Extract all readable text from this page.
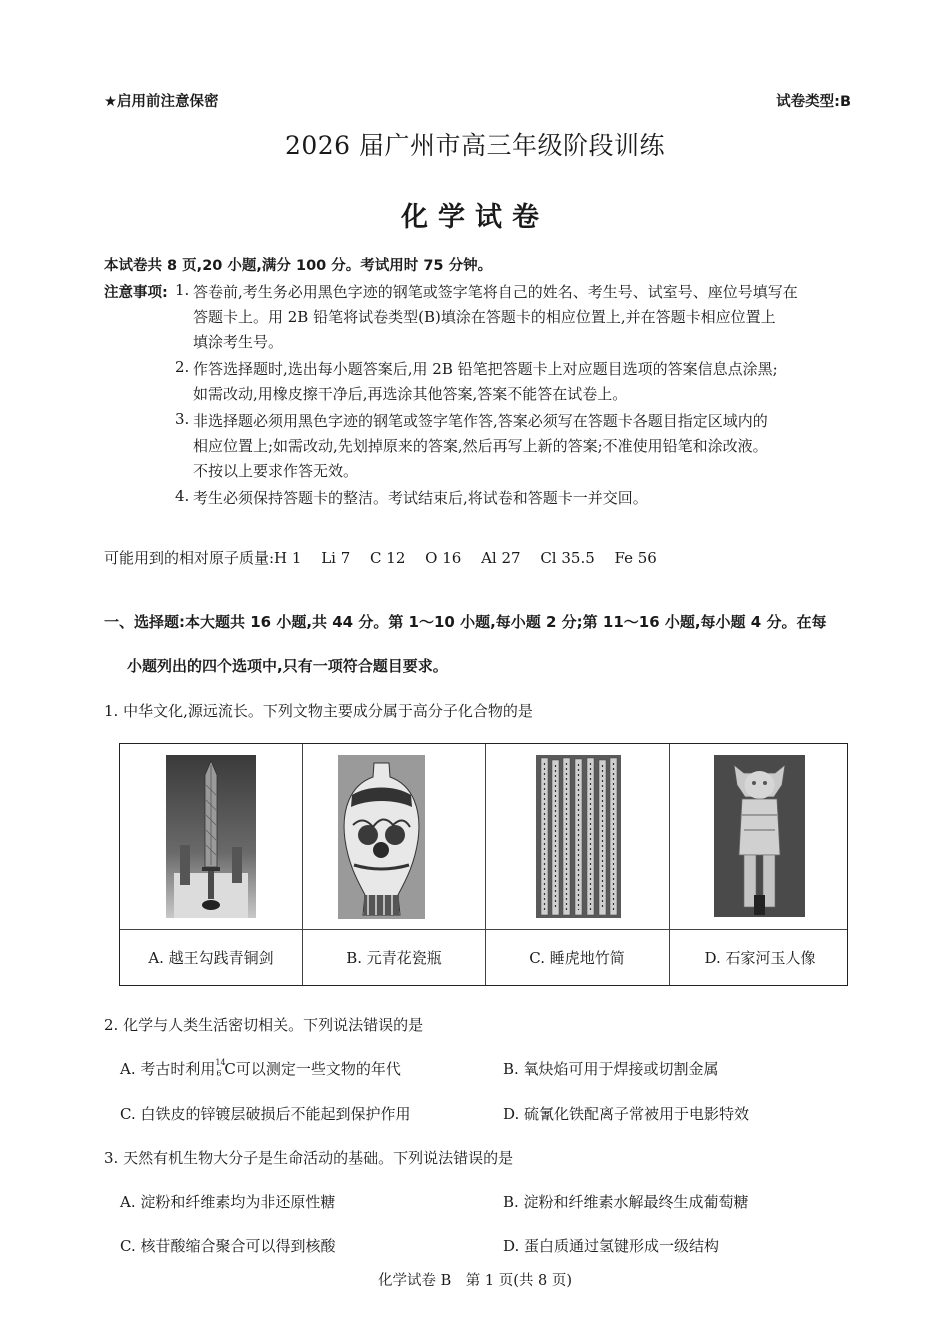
★启用前注意保密	试卷类型:B
2026 届广州市高三年级阶段训练
化学试卷
本试卷共 8 页,20 小题,满分 100 分。考试用时 75 分钟。
注意事项: 1. 答卷前,考生务必用黑色字迹的钢笔或签字笔将自己的姓名、考生号、试室号、座位号填写在
答题卡上。用 2B 铅笔将试卷类型(B)填涂在答题卡的相应位置上,并在答题卡相应位置上
填涂考生号。
2. 作答选择题时,选出每小题答案后,用 2B 铅笔把答题卡上对应题目选项的答案信息点涂黑;
如需改动,用橡皮擦干净后,再选涂其他答案,答案不能答在试卷上。
3. 非选择题必须用黑色字迹的钢笔或签字笔作答,答案必须写在答题卡各题目指定区域内的
相应位置上;如需改动,先划掉原来的答案,然后再写上新的答案;不准使用铅笔和涂改液。
不按以上要求作答无效。
4. 考生必须保持答题卡的整洁。考试结束后,将试卷和答题卡一并交回。
可能用到的相对原子质量:H 1　 Li 7　 C 12　 O 16　 Al 27　 Cl 35.5　 Fe 56
一、选择题:本大题共 16 小题,共 44 分。第 1～10 小题,每小题 2 分;第 11～16 小题,每小题 4 分。在每
小题列出的四个选项中,只有一项符合题目要求。
1. 中华文化,源远流长。下列文物主要成分属于高分子化合物的是
A. 越王勾践青铜剑	B. 元青花瓷瓶	C. 睡虎地竹简	D. 石家河玉人像
2. 化学与人类生活密切相关。下列说法错误的是
A. 考古时利用 14
6 C可以测定一些文物的年代	B. 氧炔焰可用于焊接或切割金属
C. 白铁皮的锌镀层破损后不能起到保护作用	D. 硫氰化铁配离子常被用于电影特效
3. 天然有机生物大分子是生命活动的基础。下列说法错误的是
A. 淀粉和纤维素均为非还原性糖	B. 淀粉和纤维素水解最终生成葡萄糖
C. 核苷酸缩合聚合可以得到核酸	D. 蛋白质通过氢键形成一级结构
化学试卷 B　第 1 页(共 8 页)
